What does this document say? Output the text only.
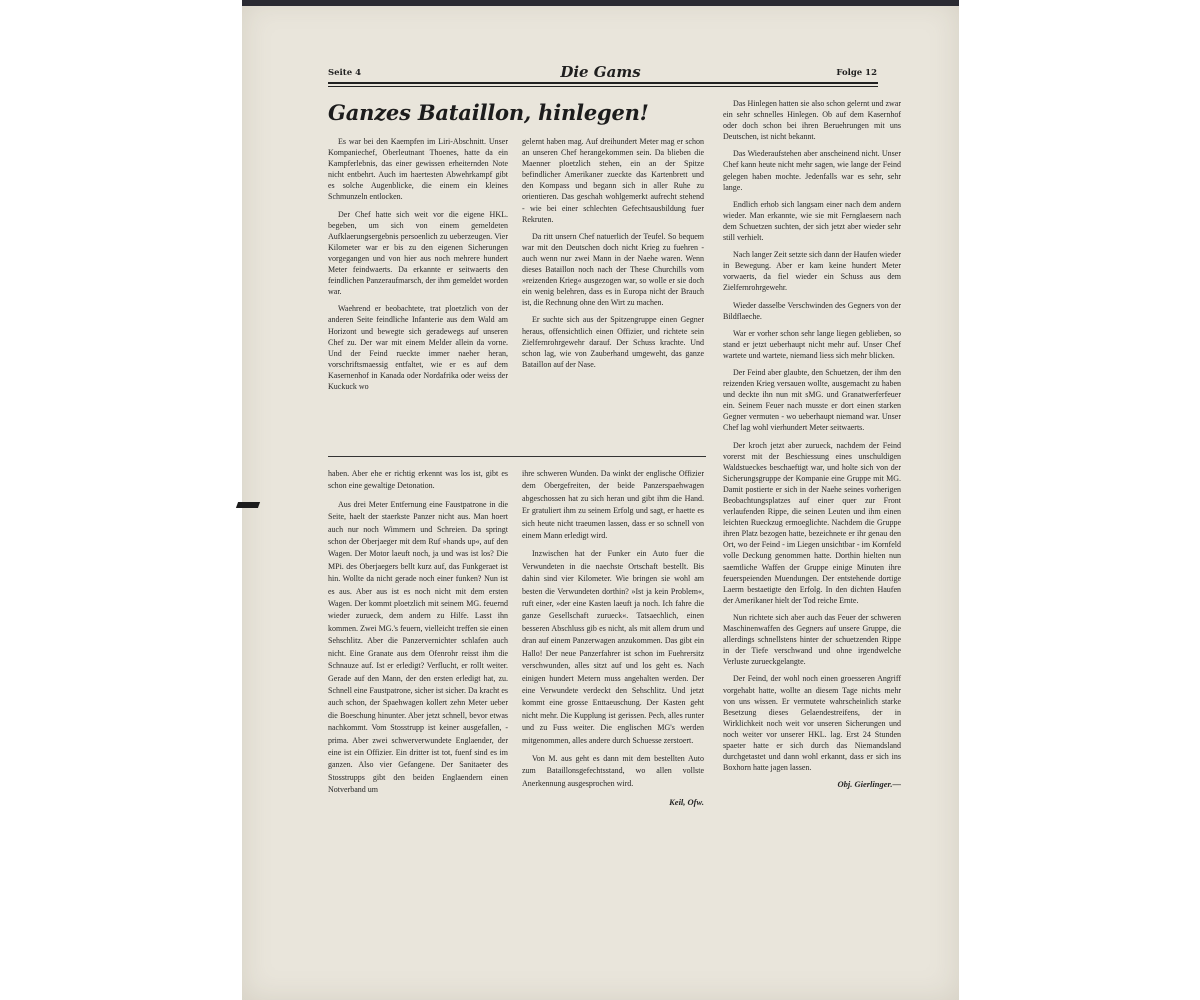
Seite 4	Die Gams	Folge 12
Ganzes Bataillon, hinlegen!

Es war bei den Kaempfen im Liri-Abschnitt. Unser Kompaniechef, Oberleutnant Thoenes, hatte da ein Kampferlebnis, das einer gewissen erheiternden Note nicht entbehrt. Auch im haertesten Abwehrkampf gibt es solche Augenblicke, die einem ein kleines Schmunzeln entlocken.

Der Chef hatte sich weit vor die eigene HKL. begeben, um sich von einem gemeldeten Aufklaerungsergebnis persoenlich zu ueberzeugen. Vier Kilometer war er bis zu den eigenen Sicherungen vorgegangen und von hier aus noch mehrere hundert Meter feindwaerts. Da erkannte er seitwaerts den feindlichen Panzeraufmarsch, der ihm gemeldet worden war.

Waehrend er beobachtete, trat ploetzlich von der anderen Seite feindliche Infanterie aus dem Wald am Horizont und bewegte sich geradewegs auf unseren Chef zu. Der war mit einem Melder allein da vorne. Und der Feind rueckte immer naeher heran, vorschriftsmaessig entfaltet, wie er es auf dem Kasernenhof in Kanada oder Nordafrika oder weiss der Kuckuck wo

gelernt haben mag. Auf dreihundert Meter mag er schon an unseren Chef herangekommen sein. Da blieben die Maenner ploetzlich stehen, ein an der Spitze befindlicher Amerikaner zueckte das Kartenbrett und den Kompass und begann sich in aller Ruhe zu orientieren. Das geschah wohlgemerkt aufrecht stehend - wie bei einer schlechten Gefechtsausbildung fuer Rekruten.

Da ritt unsern Chef natuerlich der Teufel. So bequem war mit den Deutschen doch nicht Krieg zu fuehren - auch wenn nur zwei Mann in der Naehe waren. Wenn dieses Bataillon noch nach der These Churchills vom »reizenden Krieg« ausgezogen war, so wolle er sie doch ein wenig belehren, dass es in Europa nicht der Brauch ist, die Rechnung ohne den Wirt zu machen.

Er suchte sich aus der Spitzengruppe einen Gegner heraus, offensichtlich einen Offizier, und richtete sein Zielfernrohrgewehr darauf. Der Schuss krachte. Und schon lag, wie von Zauberhand umgeweht, das ganze Bataillon auf der Nase.

Das Hinlegen hatten sie also schon gelernt und zwar ein sehr schnelles Hinlegen. Ob auf dem Kasernhof oder doch schon bei ihren Beruehrungen mit uns Deutschen, ist nicht bekannt.

Das Wiederaufstehen aber anscheinend nicht. Unser Chef kann heute nicht mehr sagen, wie lange der Feind gelegen haben mochte. Jedenfalls war es sehr, sehr lange.

Endlich erhob sich langsam einer nach dem andern wieder. Man erkannte, wie sie mit Fernglaesern nach dem Schuetzen suchten, der sich jetzt aber wieder sehr still verhielt.

Nach langer Zeit setzte sich dann der Haufen wieder in Bewegung. Aber er kam keine hundert Meter vorwaerts, da fiel wieder ein Schuss aus dem Zielfernrohrgewehr.

Wieder dasselbe Verschwinden des Gegners von der Bildflaeche.

War er vorher schon sehr lange liegen geblieben, so stand er jetzt ueberhaupt nicht mehr auf. Unser Chef wartete und wartete, niemand liess sich mehr blicken.

Der Feind aber glaubte, den Schuetzen, der ihm den reizenden Krieg versauen wollte, ausgemacht zu haben und deckte ihn nun mit sMG. und Granatwerferfeuer ein. Seinem Feuer nach musste er dort einen starken Gegner vermuten - wo ueberhaupt niemand war. Unser Chef lag wohl vierhundert Meter seitwaerts.

Der kroch jetzt aber zurueck, nachdem der Feind vorerst mit der Beschiessung eines unschuldigen Waldstueckes beschaeftigt war, und holte sich von der Sicherungsgruppe der Kompanie eine Gruppe mit MG. Damit postierte er sich in der Naehe seines vorherigen Beobachtungsplatzes auf einer quer zur Front verlaufenden Rippe, die seinen Leuten und ihm einen leichten Rueckzug ermoeglichte. Nachdem die Gruppe ihren Platz bezogen hatte, bezeichnete er ihr genau den Ort, wo der Feind - im Liegen unsichtbar - im Kornfeld volle Deckung genommen hatte. Dorthin hielten nun saemtliche Waffen der Gruppe einige Minuten ihre feuerspeienden Muendungen. Der entstehende dortige Laerm bestaetigte den Erfolg. In den dichten Haufen der Amerikaner hielt der Tod reiche Ernte.

Nun richtete sich aber auch das Feuer der schweren Maschinenwaffen des Gegners auf unsere Gruppe, die allerdings schnellstens hinter der schuetzenden Rippe in der Tiefe verschwand und ohne irgendwelche Verluste zurueckgelangte.

Der Feind, der wohl noch einen groesseren Angriff vorgehabt hatte, wollte an diesem Tage nichts mehr von uns wissen. Er vermutete wahrscheinlich starke Besetzung dieses Gelaendestreifens, der in Wirklichkeit noch weit vor unseren Sicherungen und noch weiter vor unserer HKL. lag. Erst 24 Stunden spaeter hatte er sich durch das Niemandsland durchgetastet und dann wohl erkannt, dass er sich ins Boxhorn hatte jagen lassen.

Obj. Gierlinger.—

haben. Aber ehe er richtig erkennt was los ist, gibt es schon eine gewaltige Detonation.

Aus drei Meter Entfernung eine Faustpatrone in die Seite, haelt der staerkste Panzer nicht aus. Man hoert auch nur noch Wimmern und Schreien. Da springt schon der Oberjaeger mit dem Ruf »hands up«, auf den Wagen. Der Motor laeuft noch, ja und was ist los? Die MPi. des Oberjaegers bellt kurz auf, das Funkgeraet ist hin. Wollte da nicht gerade noch einer funken? Nun ist es aus. Aber aus ist es noch nicht mit dem ersten Wagen. Der kommt ploetzlich mit seinem MG. feuernd wieder zurueck, dem andern zu Hilfe. Lasst ihn kommen. Zwei MG.'s feuern, vielleicht treffen sie einen Sehschlitz. Aber die Panzervernichter schlafen auch nicht. Eine Granate aus dem Ofenrohr reisst ihm die Schnauze auf. Ist er erledigt? Verflucht, er rollt weiter. Gerade auf den Mann, der den ersten erledigt hat, zu. Schnell eine Faustpatrone, sicher ist sicher. Da kracht es auch schon, der Spaehwagen kollert zehn Meter ueber die Boeschung hinunter. Aber jetzt schnell, bevor etwas nachkommt. Vom Stosstrupp ist keiner ausgefallen, - prima. Aber zwei schwerverwundete Englaender, der eine ist ein Offizier. Ein dritter ist tot, fuenf sind es im ganzen. Also vier Gefangene. Der Sanitaeter des Stosstrupps gibt den beiden Englaendern einen Notverband um

ihre schweren Wunden. Da winkt der englische Offizier dem Obergefreiten, der beide Panzerspaehwagen abgeschossen hat zu sich heran und gibt ihm die Hand. Er gratuliert ihm zu seinem Erfolg und sagt, er haette es sich heute nicht traeumen lassen, dass er so schnell von einem Mann erledigt wird.

Inzwischen hat der Funker ein Auto fuer die Verwundeten in die naechste Ortschaft bestellt. Bis dahin sind vier Kilometer. Wie bringen sie wohl am besten die Verwundeten dorthin? »Ist ja kein Problem«, ruft einer, »der eine Kasten laeuft ja noch. Ich fahre die ganze Gesellschaft zurueck«. Tatsaechlich, einen besseren Abschluss gib es nicht, als mit allem drum und dran auf einem Panzerwagen anzukommen. Das gibt ein Hallo! Der neue Panzerfahrer ist schon im Fuehrersitz verschwunden, alles sitzt auf und los geht es. Nach einigen hundert Metern muss angehalten werden. Der eine Verwundete verdeckt den Sehschlitz. Und jetzt kommt eine grosse Enttaeuschung. Der Kasten geht nicht mehr. Die Kupplung ist gerissen. Pech, alles runter und zu Fuss weiter. Die englischen MG's werden mitgenommen, alles andere durch Schuesse zerstoert.

Von M. aus geht es dann mit dem bestellten Auto zum Bataillonsgefechtsstand, wo allen vollste Anerkennung ausgesprochen wird.

Keil, Ofw.
